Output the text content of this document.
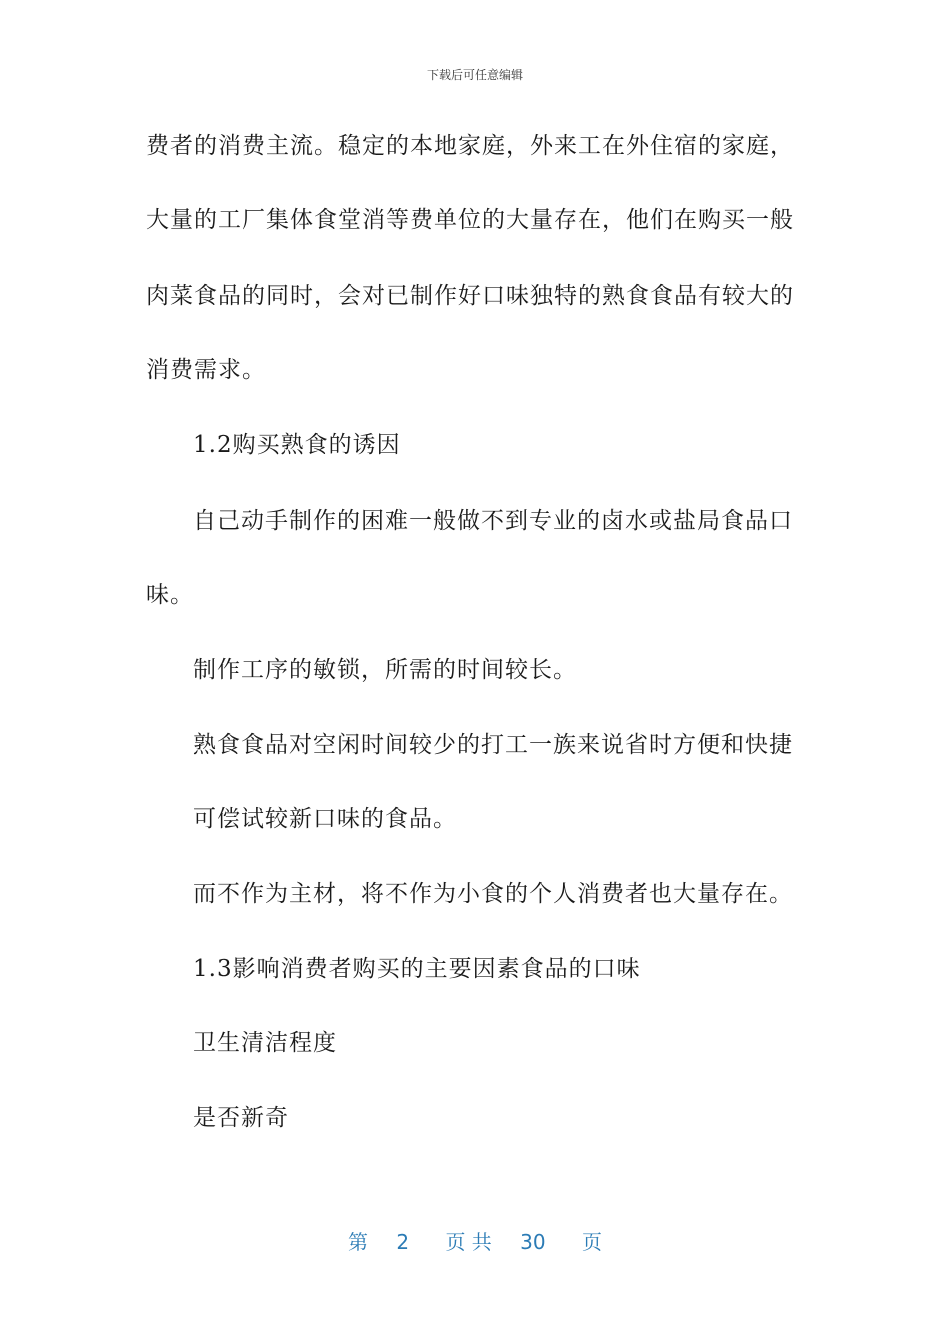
下载后可任意编辑
费者的消费主流。稳定的本地家庭，外来工在外住宿的家庭，
大量的工厂集体食堂消等费单位的大量存在，他们在购买一般
肉菜食品的同时，会对已制作好口味独特的熟食食品有较大的
消费需求。
1.2购买熟食的诱因
自己动手制作的困难一般做不到专业的卤水或盐局食品口
味。
制作工序的敏锁，所需的时间较长。
熟食食品对空闲时间较少的打工一族来说省时方便和快捷
可偿试较新口味的食品。
而不作为主材，将不作为小食的个人消费者也大量存在。
1.3影响消费者购买的主要因素食品的口味
卫生清洁程度
是否新奇
第 2 页 共 30 页
